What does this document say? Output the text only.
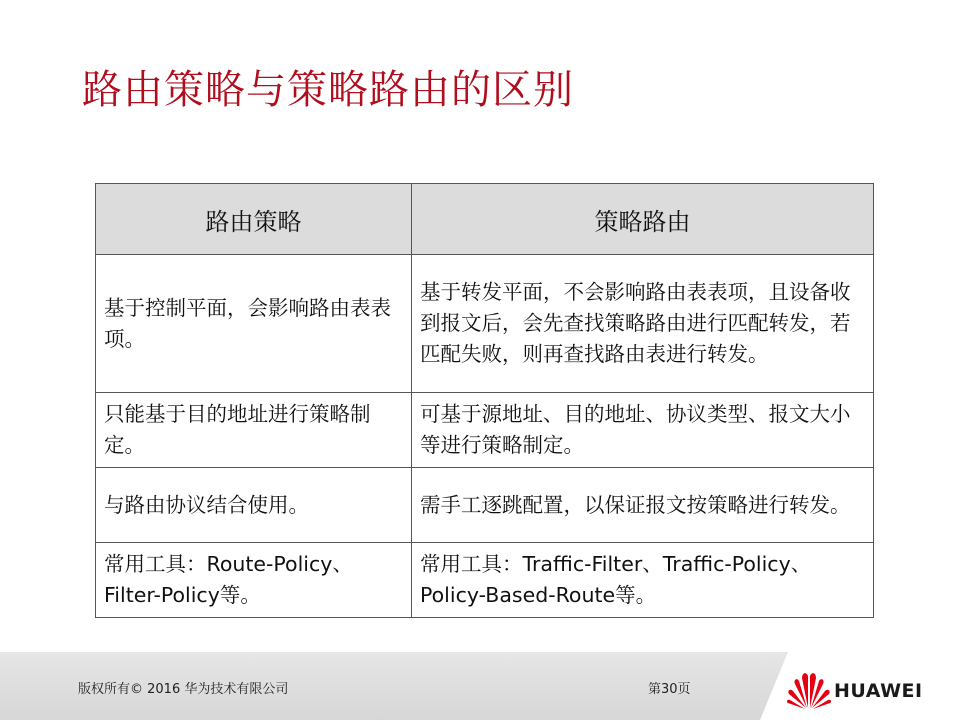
路由策略与策略路由的区别
路由策略	策略路由
基于控制平面，会影响路由表表项。	基于转发平面，不会影响路由表表项，且设备收到报文后，会先查找策略路由进行匹配转发，若匹配失败，则再查找路由表进行转发。
只能基于目的地址进行策略制定。	可基于源地址、目的地址、协议类型、报文大小等进行策略制定。
与路由协议结合使用。	需手工逐跳配置，以保证报文按策略进行转发。
常用工具：Route-Policy、Filter-Policy等。	常用工具：Traffic-Filter、Traffic-Policy、Policy-Based-Route等。
版权所有© 2016 华为技术有限公司	第30页	HUAWEI
